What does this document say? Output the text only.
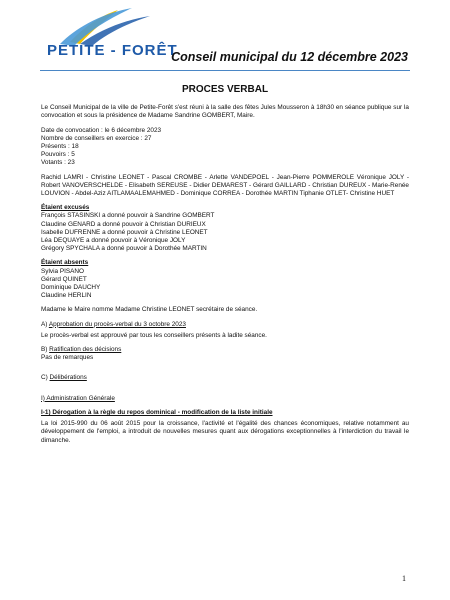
PETITE - FORÊT
Conseil municipal du 12 décembre 2023
PROCES VERBAL

Le Conseil Municipal de la ville de Petite-Forêt s'est réuni à la salle des fêtes Jules Mousseron à 18h30 en séance publique sur la convocation et sous la présidence de Madame Sandrine GOMBERT, Maire.

Date de convocation : le 6 décembre 2023

Nombre de conseillers en exercice : 27

Présents : 18

Pouvoirs : 5

Votants : 23

Rachid LAMRI - Christine LEONET - Pascal CROMBE - Arlette VANDEPOEL - Jean-Pierre POMMEROLE Véronique JOLY - Robert VANOVERSCHELDE - Elisabeth SEREUSE - Didier DEMAREST - Gérard GAILLARD - Christian DUREUX - Marie-Renée LOUVION - Abdel-Aziz AITLAMAALEMAHMED - Dominique CORREA - Dorothée MARTIN Tiphanie OTLET- Christine HUET

Étaient excusés

François STASINSKI a donné pouvoir à Sandrine GOMBERT

Claudine GENARD a donné pouvoir à Christian DURIEUX

Isabelle DUFRENNE a donné pouvoir à Christine LEONET

Léa DEQUAYE a donné pouvoir à Véronique JOLY

Grégory SPYCHALA a donné pouvoir à Dorothée MARTIN

Étaient absents

Sylvia PISANO

Gérard QUINET

Dominique DAUCHY

Claudine HERLIN

Madame le Maire nomme Madame Christine LEONET secrétaire de séance.

A) Approbation du procès-verbal du 3 octobre 2023

Le procès-verbal est approuvé par tous les conseillers présents à ladite séance.

B) Ratification des décisions

Pas de remarques

C) Délibérations

I) Administration Générale

I-1) Dérogation à la règle du repos dominical - modification de la liste initiale

La loi 2015-990 du 06 août 2015 pour la croissance, l'activité et l'égalité des chances économiques, relative notamment au développement de l'emploi, a introduit de nouvelles mesures quant aux dérogations exceptionnelles à l'interdiction du travail le dimanche.

1
